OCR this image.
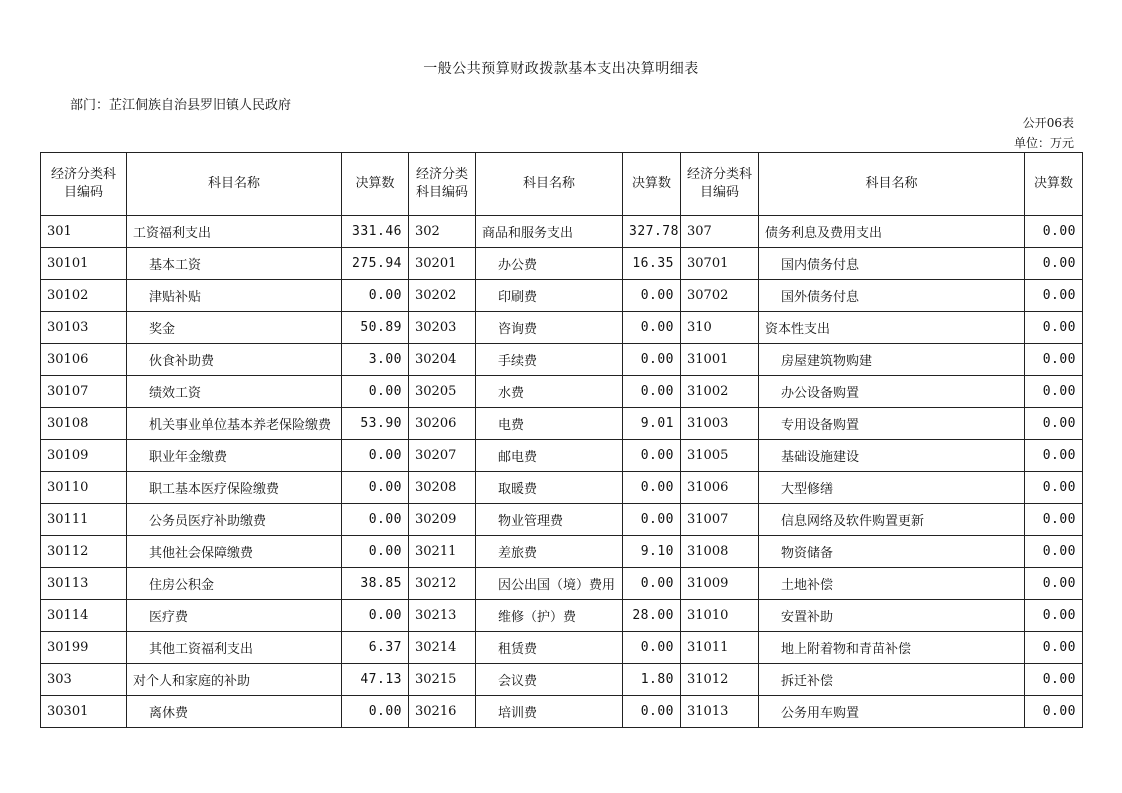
一般公共预算财政拨款基本支出决算明细表
部门：芷江侗族自治县罗旧镇人民政府
公开06表
单位：万元
经济分类科目编码	科目名称	决算数	经济分类科目编码	科目名称	决算数	经济分类科目编码	科目名称	决算数
301	工资福利支出	331.46	302	商品和服务支出	327.78	307	债务利息及费用支出	0.00
30101	基本工资	275.94	30201	办公费	16.35	30701	国内债务付息	0.00
30102	津贴补贴	0.00	30202	印刷费	0.00	30702	国外债务付息	0.00
30103	奖金	50.89	30203	咨询费	0.00	310	资本性支出	0.00
30106	伙食补助费	3.00	30204	手续费	0.00	31001	房屋建筑物购建	0.00
30107	绩效工资	0.00	30205	水费	0.00	31002	办公设备购置	0.00
30108	机关事业单位基本养老保险缴费	53.90	30206	电费	9.01	31003	专用设备购置	0.00
30109	职业年金缴费	0.00	30207	邮电费	0.00	31005	基础设施建设	0.00
30110	职工基本医疗保险缴费	0.00	30208	取暖费	0.00	31006	大型修缮	0.00
30111	公务员医疗补助缴费	0.00	30209	物业管理费	0.00	31007	信息网络及软件购置更新	0.00
30112	其他社会保障缴费	0.00	30211	差旅费	9.10	31008	物资储备	0.00
30113	住房公积金	38.85	30212	因公出国（境）费用	0.00	31009	土地补偿	0.00
30114	医疗费	0.00	30213	维修（护）费	28.00	31010	安置补助	0.00
30199	其他工资福利支出	6.37	30214	租赁费	0.00	31011	地上附着物和青苗补偿	0.00
303	对个人和家庭的补助	47.13	30215	会议费	1.80	31012	拆迁补偿	0.00
30301	离休费	0.00	30216	培训费	0.00	31013	公务用车购置	0.00
